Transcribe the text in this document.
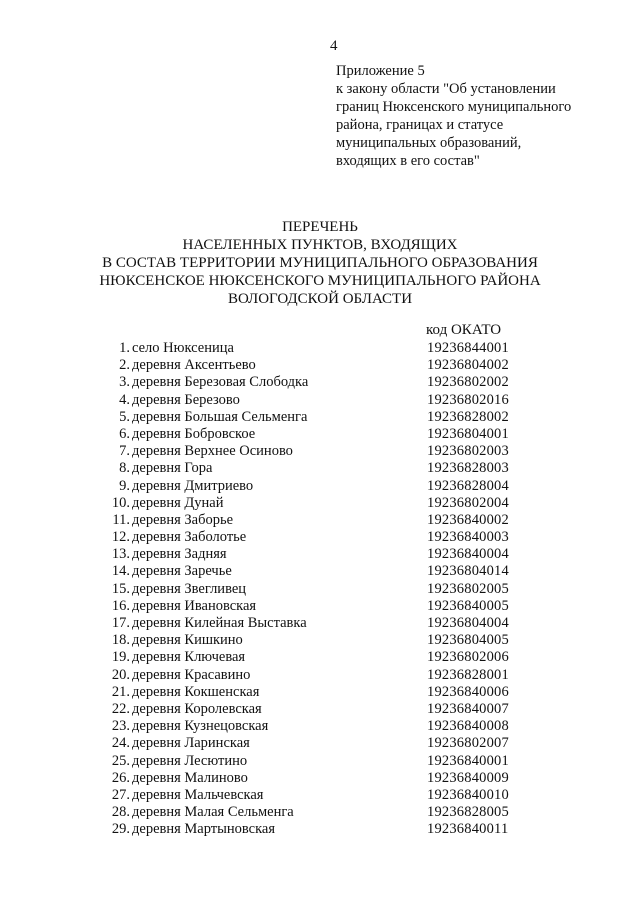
4
Приложение 5
к закону области "Об установлении
границ Нюксенского муниципального
района, границах и статусе
муниципальных образований,
входящих в его состав"
ПЕРЕЧЕНЬ
НАСЕЛЕННЫХ ПУНКТОВ, ВХОДЯЩИХ
В СОСТАВ ТЕРРИТОРИИ МУНИЦИПАЛЬНОГО ОБРАЗОВАНИЯ
НЮКСЕНСКОЕ НЮКСЕНСКОГО МУНИЦИПАЛЬНОГО РАЙОНА
ВОЛОГОДСКОЙ ОБЛАСТИ
код ОКАТО
1. село Нюксеница	19236844001
2. деревня Аксентьево	19236804002
3. деревня Березовая Слободка	19236802002
4. деревня Березово	19236802016
5. деревня Большая Сельменга	19236828002
6. деревня Бобровское	19236804001
7. деревня Верхнее Осиново	19236802003
8. деревня Гора	19236828003
9. деревня Дмитриево	19236828004
10. деревня Дунай	19236802004
11. деревня Заборье	19236840002
12. деревня Заболотье	19236840003
13. деревня Задняя	19236840004
14. деревня Заречье	19236804014
15. деревня Звегливец	19236802005
16. деревня Ивановская	19236840005
17. деревня Килейная Выставка	19236804004
18. деревня Кишкино	19236804005
19. деревня Ключевая	19236802006
20. деревня Красавино	19236828001
21. деревня Кокшенская	19236840006
22. деревня Королевская	19236840007
23. деревня Кузнецовская	19236840008
24. деревня Ларинская	19236802007
25. деревня Лесютино	19236840001
26. деревня Малиново	19236840009
27. деревня Мальчевская	19236840010
28. деревня Малая Сельменга	19236828005
29. деревня Мартыновская	19236840011
